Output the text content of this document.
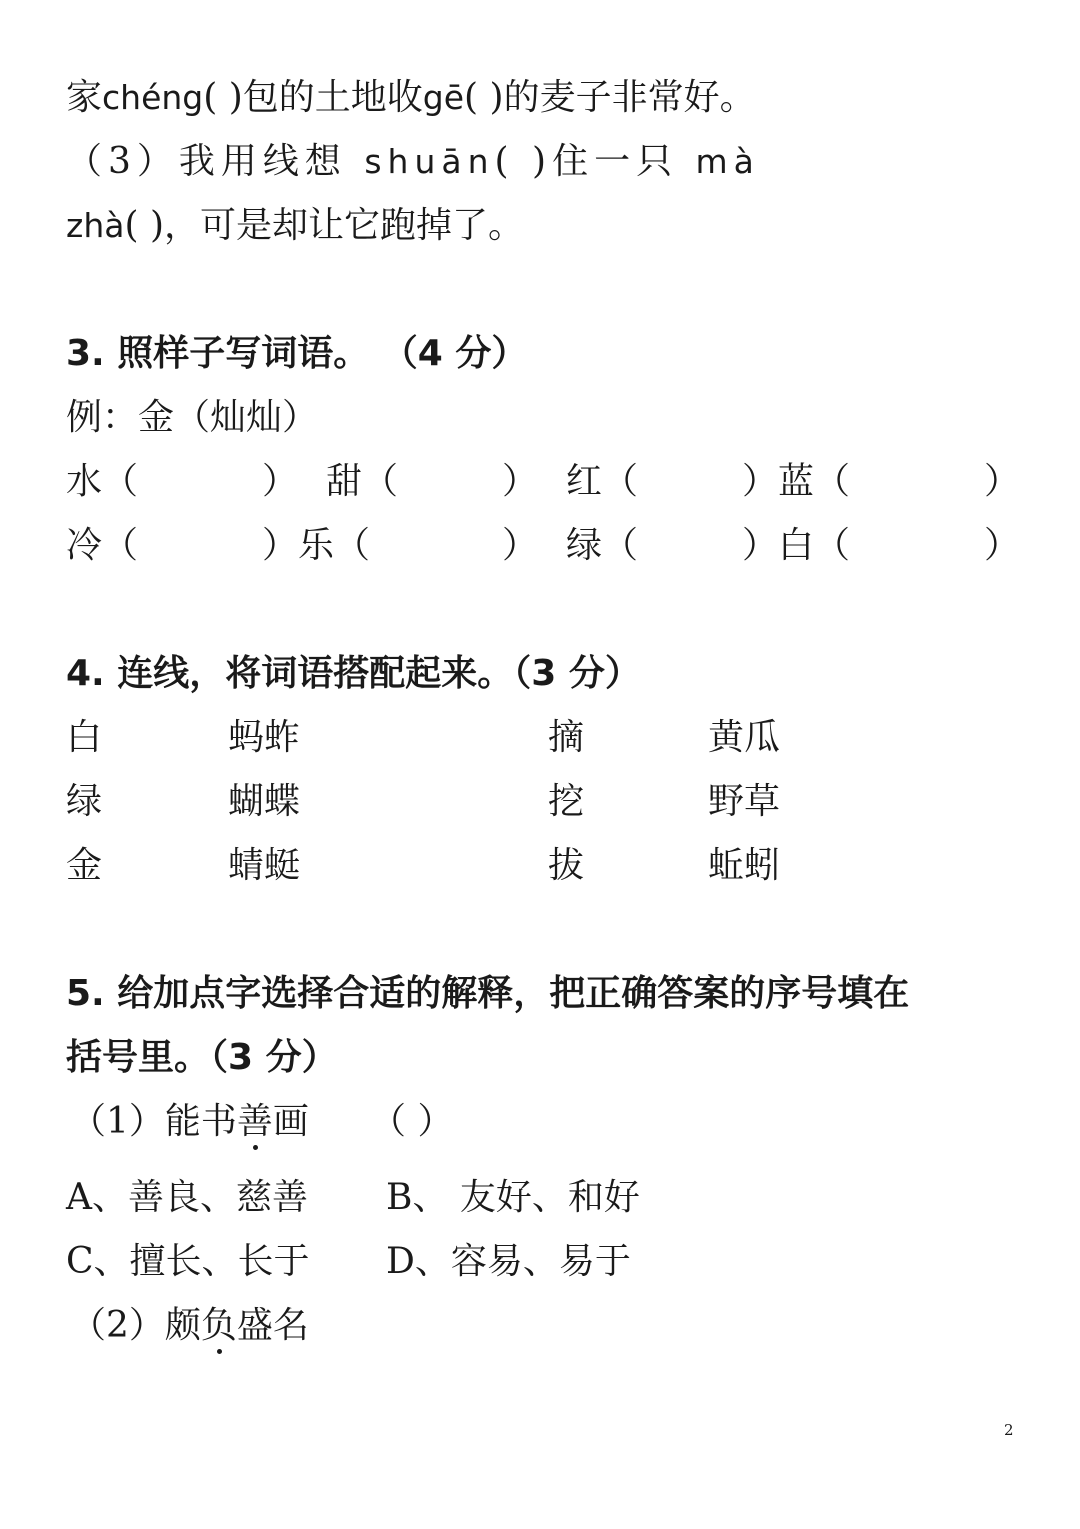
家chéng( )包的土地收gē( )的麦子非常好。
（3）我用线想 shuān( )住一只 mà
zhà( )，可是却让它跑掉了。
3. 照样子写词语。 （4 分）
例：金（灿灿）
水（	） 甜（	） 红（	）蓝（	）
冷（	）乐（	） 绿（	）白（	）
4. 连线，将词语搭配起来。（3 分）
白	蚂蚱	摘	黄瓜
绿	蝴蝶	挖	野草
金	蜻蜓	拔	蚯蚓
5. 给加点字选择合适的解释，把正确答案的序号填在
括号里。（3 分）
（1）能书善画 （ ）
A、善良、慈善 B、 友好、和好
C、擅长、长于 D、容易、易于
（2）颇负盛名
2
